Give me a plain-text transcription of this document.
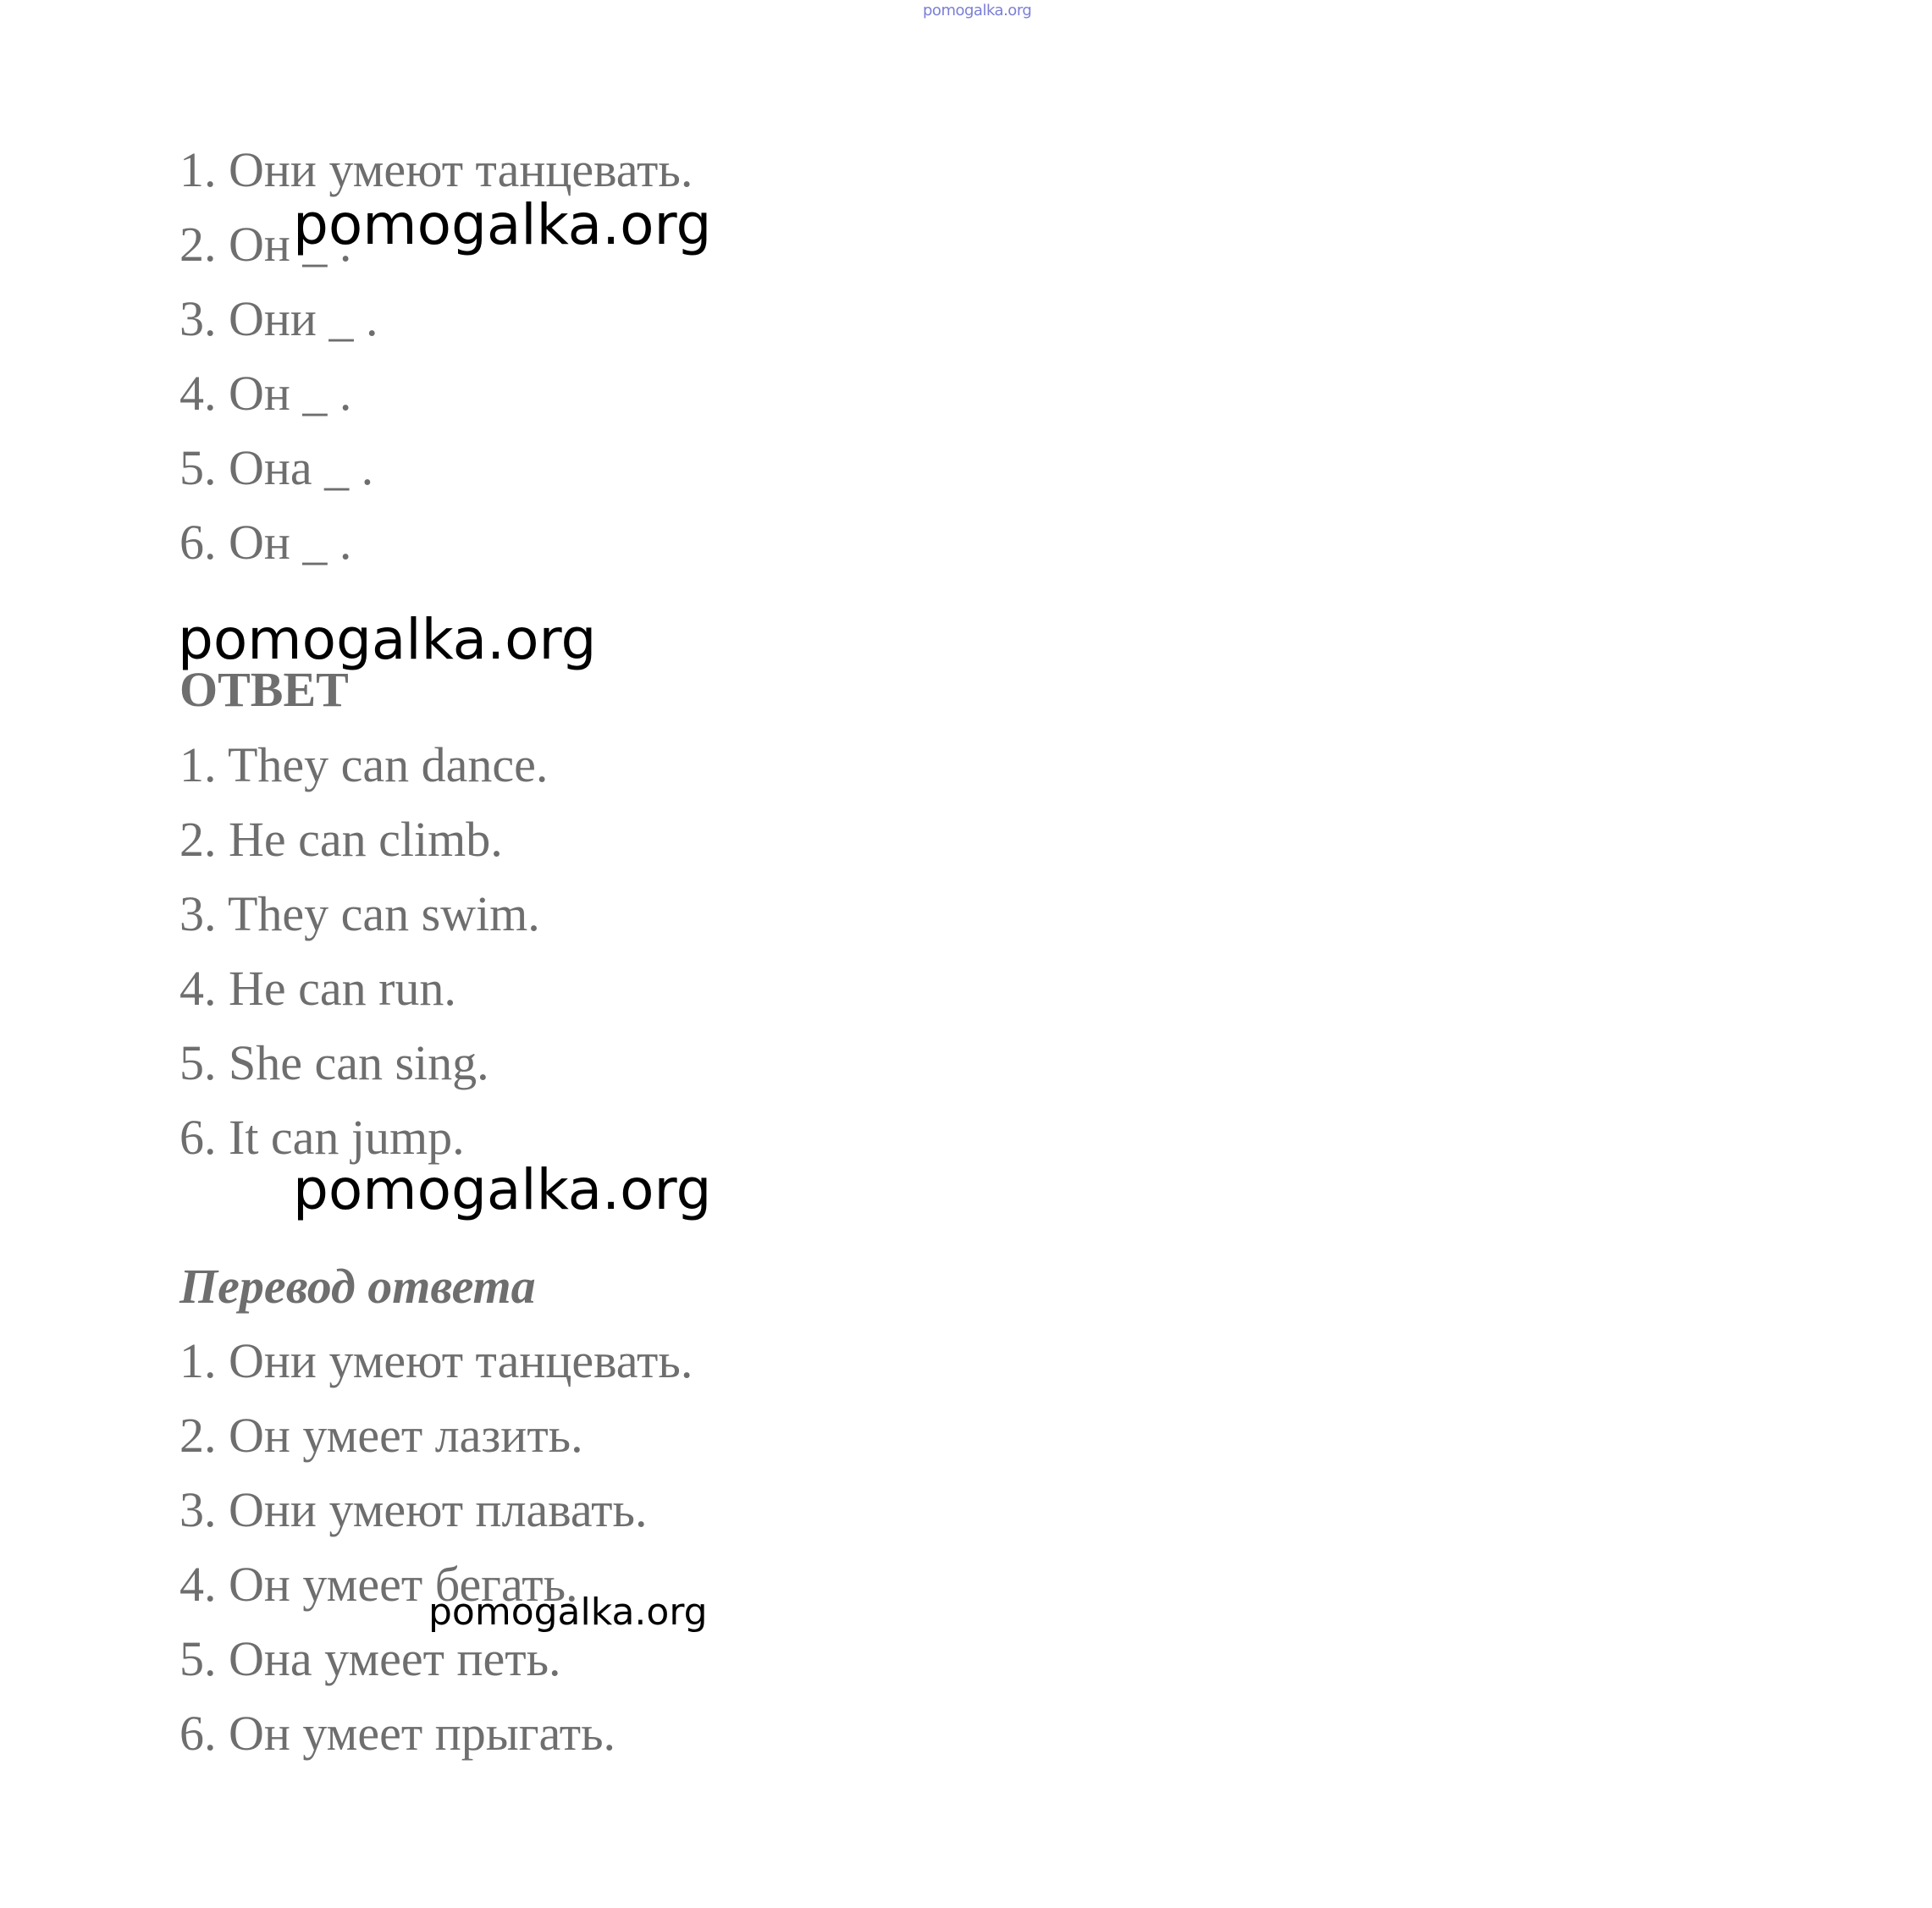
pomogalka.org
1. Они умеют танцевать.
2. Он _ .
3. Они _ .
4. Он _ .
5. Она _ .
6. Он _ .
ОТВЕТ
1. They can dance.
2. He can climb.
3. They can swim.
4. He can run.
5. She can sing.
6. It can jump.
Перевод ответа
1. Они умеют танцевать.
2. Он умеет лазить.
3. Они умеют плавать.
4. Он умеет бегать.
5. Она умеет петь.
6. Он умеет прыгать.
pomogalka.org
pomogalka.org
pomogalka.org
pomogalka.org
